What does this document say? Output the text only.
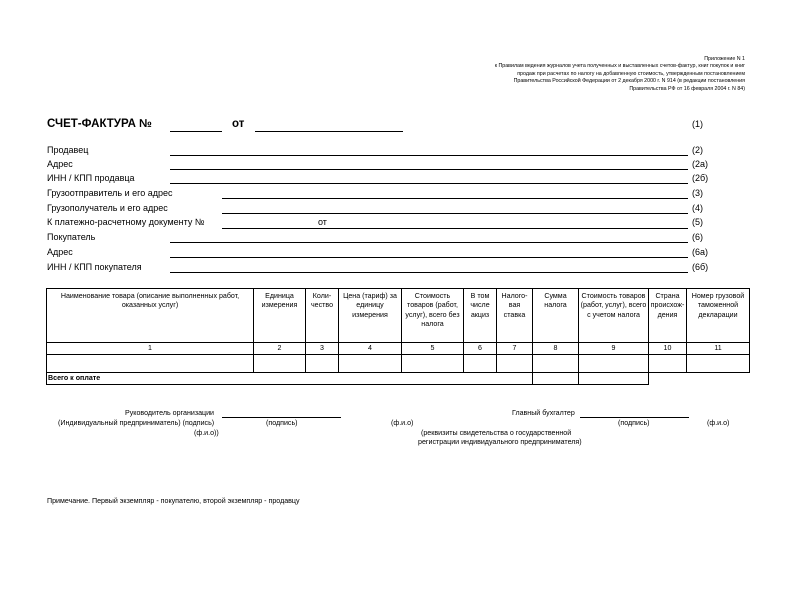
Приложение N 1
к Правилам ведения журналов учета полученных и выставленных счетов-фактур, книг покупок и книг
продаж при расчетах по налогу на добавленную стоимость, утвержденным постановлением
Правительства Российской Федерации от 2 декабря 2000 г. N 914 (в редакции постановления
Правительства РФ от 16 февраля 2004 г. N 84)
СЧЕТ-ФАКТУРА №	от	(1)
Продавец	(2)
Адрес	(2а)
ИНН / КПП продавца	(2б)
Грузоотправитель и его адрес	(3)
Грузополучатель и его адрес	(4)
К платежно-расчетному документу №	от	(5)
Покупатель	(6)
Адрес	(6а)
ИНН / КПП покупателя	(6б)
Наименование товара (описание выполненных работ, оказанных услуг)	Единица измерения	Коли-чество	Цена (тариф) за единицу измерения	Стоимость товаров (работ, услуг), всего без налога	В том числе акциз	Налого-вая ставка	Сумма налога	Стоимость товаров (работ, услуг), всего с учетом налога	Страна происхож-дения	Номер грузовой таможенной декларации
1	2	3	4	5	6	7	8	9	10	11

Всего к оплате										
Руководитель организации
(Индивидуальный предприниматель) (подпись)	(подпись)	(ф.и.о)
(ф.и.о))
Главный бухгалтер
(подпись)	(ф.и.о)
(реквизиты свидетельства о государственной
регистрации индивидуального предпринимателя)
Примечание. Первый экземпляр - покупателю, второй экземпляр - продавцу
